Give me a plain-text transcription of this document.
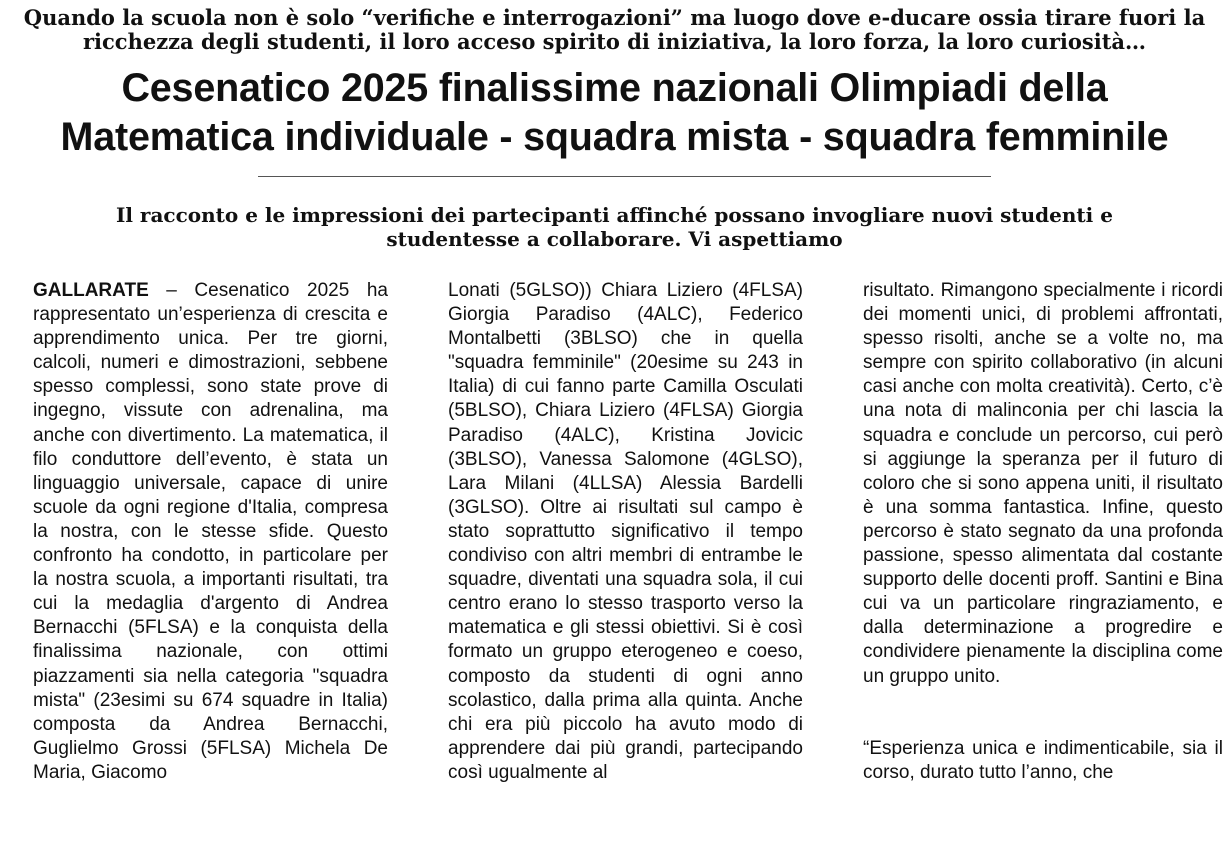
Quando la scuola non è solo “verifiche e interrogazioni” ma luogo dove e-ducare ossia tirare fuori la ricchezza degli studenti, il loro acceso spirito di iniziativa, la loro forza, la loro curiosità…
Cesenatico 2025 finalissime nazionali Olimpiadi della
Matematica individuale - squadra mista - squadra femminile
Il racconto e le impressioni dei partecipanti affinché possano invogliare nuovi studenti e studentesse a collaborare. Vi aspettiamo

GALLARATE – Cesenatico 2025 ha rappresentato un’esperienza di crescita e apprendimento unica. Per tre giorni, calcoli, numeri e dimostrazioni, sebbene spesso complessi, sono state prove di ingegno, vissute con adrenalina, ma anche con divertimento. La matematica, il filo conduttore dell’evento, è stata un linguaggio universale, capace di unire scuole da ogni regione d'Italia, compresa la nostra, con le stesse sfide. Questo confronto ha condotto, in particolare per la nostra scuola, a importanti risultati, tra cui la medaglia d'argento di Andrea Bernacchi (5FLSA) e la conquista della finalissima nazionale, con ottimi piazzamenti sia nella categoria "squadra mista" (23esimi su 674 squadre in Italia) composta da Andrea Bernacchi, Guglielmo Grossi (5FLSA) Michela De Maria, Giacomo

Lonati (5GLSO)) Chiara Liziero (4FLSA) Giorgia Paradiso (4ALC), Federico Montalbetti (3BLSO) che in quella "squadra femminile" (20esime su 243 in Italia) di cui fanno parte Camilla Osculati (5BLSO), Chiara Liziero (4FLSA) Giorgia Paradiso (4ALC), Kristina Jovicic (3BLSO), Vanessa Salomone (4GLSO), Lara Milani (4LLSA) Alessia Bardelli (3GLSO). Oltre ai risultati sul campo è stato soprattutto significativo il tempo condiviso con altri membri di entrambe le squadre, diventati una squadra sola, il cui centro erano lo stesso trasporto verso la matematica e gli stessi obiettivi. Si è così formato un gruppo eterogeneo e coeso, composto da studenti di ogni anno scolastico, dalla prima alla quinta. Anche chi era più piccolo ha avuto modo di apprendere dai più grandi, partecipando così ugualmente al

risultato. Rimangono specialmente i ricordi dei momenti unici, di problemi affrontati, spesso risolti, anche se a volte no, ma sempre con spirito collaborativo (in alcuni casi anche con molta creatività). Certo, c’è una nota di malinconia per chi lascia la squadra e conclude un percorso, cui però si aggiunge la speranza per il futuro di coloro che si sono appena uniti, il risultato è una somma fantastica. Infine, questo percorso è stato segnato da una profonda passione, spesso alimentata dal costante supporto delle docenti proff. Santini e Bina cui va un particolare ringraziamento, e dalla determinazione a progredire e condividere pienamente la disciplina come un gruppo unito.

“Esperienza unica e indimenticabile, sia il corso, durato tutto l’anno, che
